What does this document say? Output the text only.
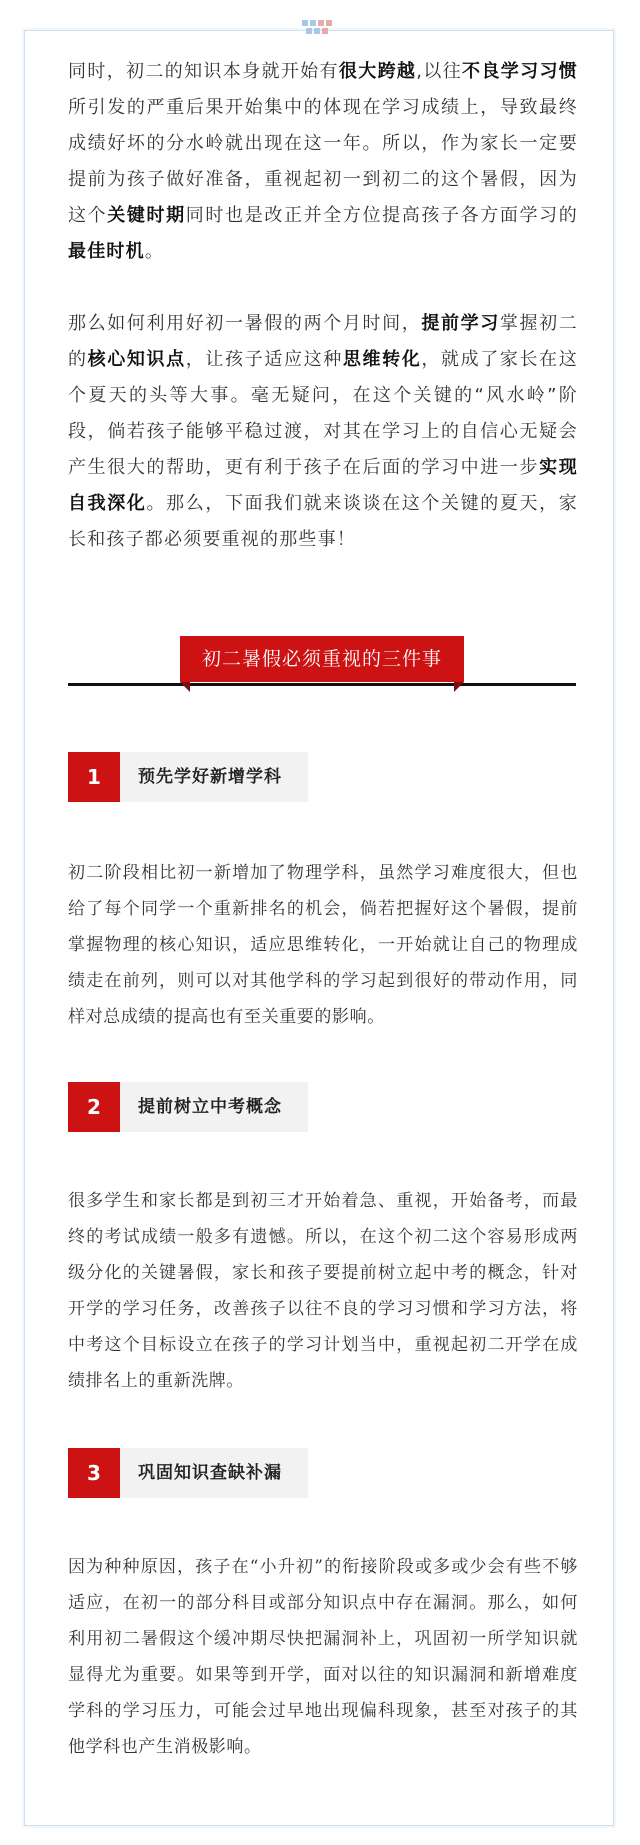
同时，初二的知识本身就开始有很大跨越,以往不良学习习惯所引发的严重后果开始集中的体现在学习成绩上，导致最终成绩好坏的分水岭就出现在这一年。所以，作为家长一定要提前为孩子做好准备，重视起初一到初二的这个暑假，因为这个关键时期同时也是改正并全方位提高孩子各方面学习的最佳时机。

那么如何利用好初一暑假的两个月时间，提前学习掌握初二的核心知识点，让孩子适应这种思维转化，就成了家长在这个夏天的头等大事。毫无疑问，在这个关键的“风水岭”阶段，倘若孩子能够平稳过渡，对其在学习上的自信心无疑会产生很大的帮助，更有利于孩子在后面的学习中进一步实现自我深化。那么，下面我们就来谈谈在这个关键的夏天，家长和孩子都必须要重视的那些事！

初二暑假必须重视的三件事
1	预先学好新增学科

初二阶段相比初一新增加了物理学科，虽然学习难度很大，但也给了每个同学一个重新排名的机会，倘若把握好这个暑假，提前掌握物理的核心知识，适应思维转化，一开始就让自己的物理成绩走在前列，则可以对其他学科的学习起到很好的带动作用，同样对总成绩的提高也有至关重要的影响。

2	提前树立中考概念

很多学生和家长都是到初三才开始着急、重视，开始备考，而最终的考试成绩一般多有遗憾。所以，在这个初二这个容易形成两级分化的关键暑假，家长和孩子要提前树立起中考的概念，针对开学的学习任务，改善孩子以往不良的学习习惯和学习方法，将中考这个目标设立在孩子的学习计划当中，重视起初二开学在成绩排名上的重新洗牌。

3	巩固知识查缺补漏

因为种种原因，孩子在“小升初”的衔接阶段或多或少会有些不够适应，在初一的部分科目或部分知识点中存在漏洞。那么，如何利用初二暑假这个缓冲期尽快把漏洞补上，巩固初一所学知识就显得尤为重要。如果等到开学，面对以往的知识漏洞和新增难度学科的学习压力，可能会过早地出现偏科现象，甚至对孩子的其他学科也产生消极影响。
